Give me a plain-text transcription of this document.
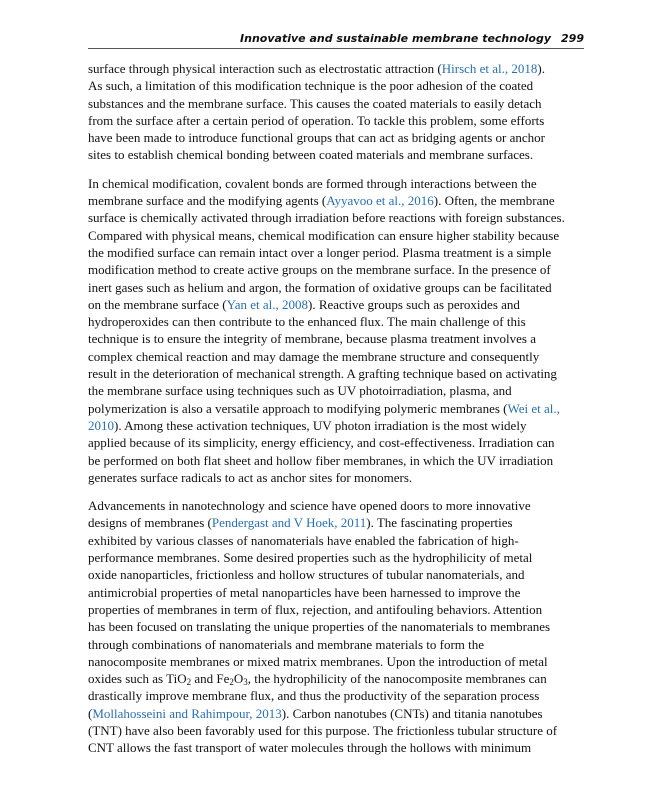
Innovative and sustainable membrane technology 299
surface through physical interaction such as electrostatic attraction (Hirsch et al., 2018).
As such, a limitation of this modification technique is the poor adhesion of the coated
substances and the membrane surface. This causes the coated materials to easily detach
from the surface after a certain period of operation. To tackle this problem, some efforts
have been made to introduce functional groups that can act as bridging agents or anchor
sites to establish chemical bonding between coated materials and membrane surfaces.
In chemical modification, covalent bonds are formed through interactions between the
membrane surface and the modifying agents (Ayyavoo et al., 2016). Often, the membrane
surface is chemically activated through irradiation before reactions with foreign substances.
Compared with physical means, chemical modification can ensure higher stability because
the modified surface can remain intact over a longer period. Plasma treatment is a simple
modification method to create active groups on the membrane surface. In the presence of
inert gases such as helium and argon, the formation of oxidative groups can be facilitated
on the membrane surface (Yan et al., 2008). Reactive groups such as peroxides and
hydroperoxides can then contribute to the enhanced flux. The main challenge of this
technique is to ensure the integrity of membrane, because plasma treatment involves a
complex chemical reaction and may damage the membrane structure and consequently
result in the deterioration of mechanical strength. A grafting technique based on activating
the membrane surface using techniques such as UV photoirradiation, plasma, and
polymerization is also a versatile approach to modifying polymeric membranes (Wei et al.,
2010). Among these activation techniques, UV photon irradiation is the most widely
applied because of its simplicity, energy efficiency, and cost-effectiveness. Irradiation can
be performed on both flat sheet and hollow fiber membranes, in which the UV irradiation
generates surface radicals to act as anchor sites for monomers.
Advancements in nanotechnology and science have opened doors to more innovative
designs of membranes (Pendergast and V Hoek, 2011). The fascinating properties
exhibited by various classes of nanomaterials have enabled the fabrication of high-
performance membranes. Some desired properties such as the hydrophilicity of metal
oxide nanoparticles, frictionless and hollow structures of tubular nanomaterials, and
antimicrobial properties of metal nanoparticles have been harnessed to improve the
properties of membranes in term of flux, rejection, and antifouling behaviors. Attention
has been focused on translating the unique properties of the nanomaterials to membranes
through combinations of nanomaterials and membrane materials to form the
nanocomposite membranes or mixed matrix membranes. Upon the introduction of metal
oxides such as TiO$_2$ and $Fe_2O_3$, the hydrophilicity of the nanocomposite membranes can
drastically improve membrane flux, and thus the productivity of the separation process
(Mollahosseini and Rahimpour, 2013). Carbon nanotubes (CNTs) and titania nanotubes
(TNT) have also been favorably used for this purpose. The frictionless tubular structure of
CNT allows the fast transport of water molecules through the hollows with minimum
